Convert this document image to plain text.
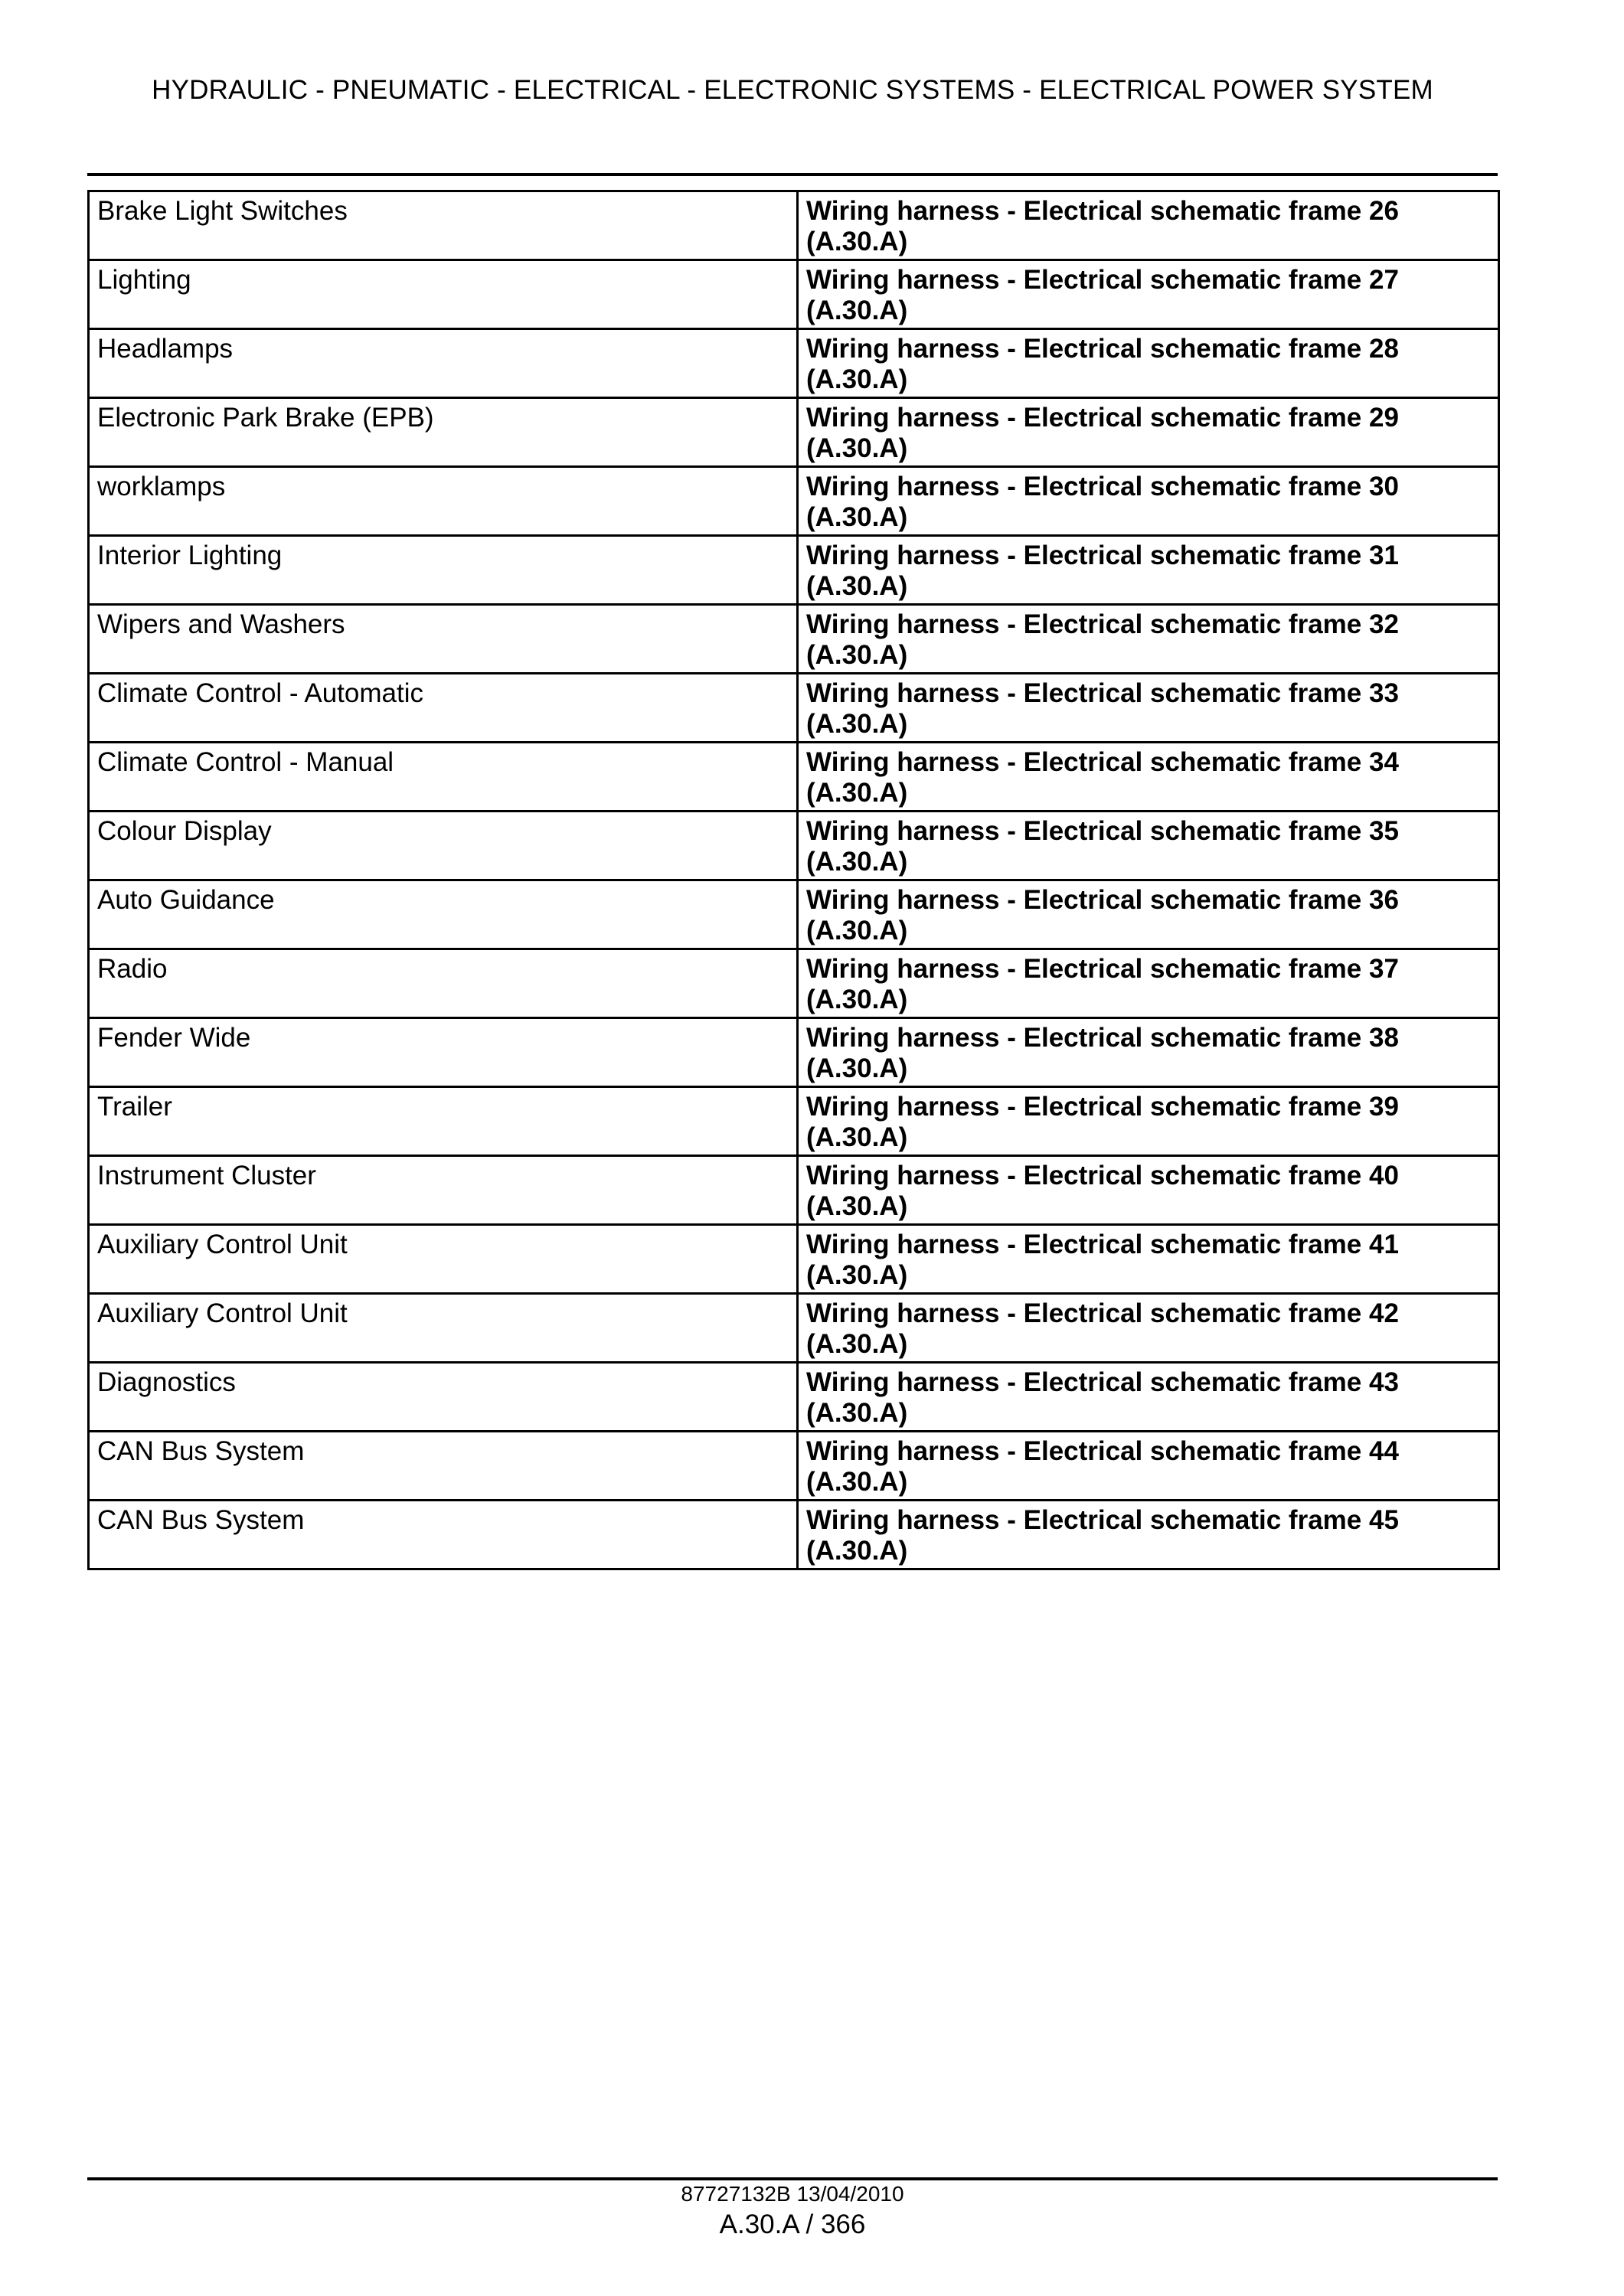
HYDRAULIC - PNEUMATIC - ELECTRICAL - ELECTRONIC SYSTEMS - ELECTRICAL POWER SYSTEM
Brake Light Switches	Wiring harness - Electrical schematic frame 26
(A.30.A)

Lighting	Wiring harness - Electrical schematic frame 27
(A.30.A)

Headlamps	Wiring harness - Electrical schematic frame 28
(A.30.A)

Electronic Park Brake (EPB)	Wiring harness - Electrical schematic frame 29
(A.30.A)

worklamps	Wiring harness - Electrical schematic frame 30
(A.30.A)

Interior Lighting	Wiring harness - Electrical schematic frame 31
(A.30.A)

Wipers and Washers	Wiring harness - Electrical schematic frame 32
(A.30.A)

Climate Control - Automatic	Wiring harness - Electrical schematic frame 33
(A.30.A)

Climate Control - Manual	Wiring harness - Electrical schematic frame 34
(A.30.A)

Colour Display	Wiring harness - Electrical schematic frame 35
(A.30.A)

Auto Guidance	Wiring harness - Electrical schematic frame 36
(A.30.A)

Radio	Wiring harness - Electrical schematic frame 37
(A.30.A)

Fender Wide	Wiring harness - Electrical schematic frame 38
(A.30.A)

Trailer	Wiring harness - Electrical schematic frame 39
(A.30.A)

Instrument Cluster	Wiring harness - Electrical schematic frame 40
(A.30.A)

Auxiliary Control Unit	Wiring harness - Electrical schematic frame 41
(A.30.A)

Auxiliary Control Unit	Wiring harness - Electrical schematic frame 42
(A.30.A)

Diagnostics	Wiring harness - Electrical schematic frame 43
(A.30.A)

CAN Bus System	Wiring harness - Electrical schematic frame 44
(A.30.A)

CAN Bus System	Wiring harness - Electrical schematic frame 45
(A.30.A)
87727132B 13/04/2010
A.30.A / 366
